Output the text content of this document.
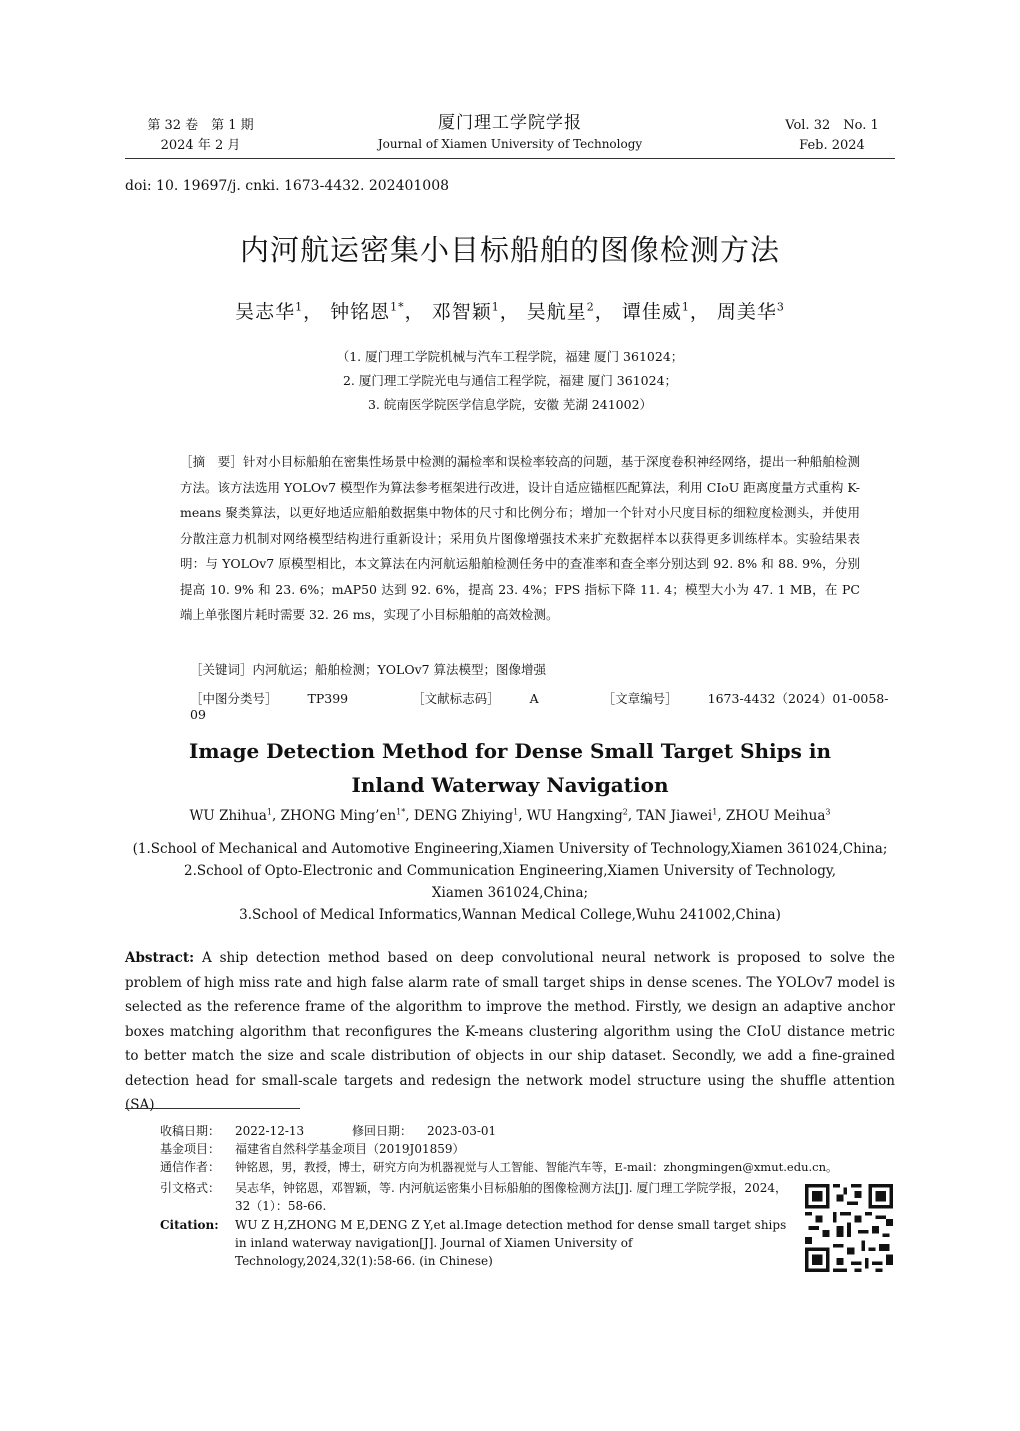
第 32 卷　第 1 期
2024 年 2 月
厦门理工学院学报
Journal of Xiamen University of Technology
Vol. 32　No. 1
Feb. 2024
doi: 10. 19697/j. cnki. 1673-4432. 202401008
内河航运密集小目标船舶的图像检测方法
吴志华$^1$， 钟铭恩$^{1*}$， 邓智颖$^1$， 吴航星$^2$， 谭佳威$^1$， 周美华$^3$
（1. 厦门理工学院机械与汽车工程学院，福建 厦门 361024；
2. 厦门理工学院光电与通信工程学院，福建 厦门 361024；
3. 皖南医学院医学信息学院，安徽 芜湖 241002）
［摘　要］针对小目标船舶在密集性场景中检测的漏检率和误检率较高的问题，基于深度卷积神经网络，提出一种船舶检测方法。该方法选用 YOLOv7 模型作为算法参考框架进行改进，设计自适应锚框匹配算法，利用 CIoU 距离度量方式重构 K-means 聚类算法，以更好地适应船舶数据集中物体的尺寸和比例分布；增加一个针对小尺度目标的细粒度检测头，并使用分散注意力机制对网络模型结构进行重新设计；采用负片图像增强技术来扩充数据样本以获得更多训练样本。实验结果表明：与 YOLOv7 原模型相比，本文算法在内河航运船舶检测任务中的查准率和查全率分别达到 92. 8% 和 88. 9%，分别提高 10. 9% 和 23. 6%；mAP50 达到 92. 6%，提高 23. 4%；FPS 指标下降 11. 4；模型大小为 47. 1 MB，在 PC 端上单张图片耗时需要 32. 26 ms，实现了小目标船舶的高效检测。
［关键词］内河航运；船舶检测；YOLOv7 算法模型；图像增强
［中图分类号］ TP399	［文献标志码］ A	［文章编号］ 1673-4432（2024）01-0058-09
Image Detection Method for Dense Small Target Ships in
Inland Waterway Navigation
WU Zhihua$^1$, ZHONG $Ming’en^{1*}$, DENG Zhiying$^1$, WU Hangxing$^2$, TAN Jiawei$^1$, ZHOU Meihua$^3$
(1.School of Mechanical and Automotive Engineering,Xiamen University of Technology,Xiamen 361024,China;
2.School of Opto-Electronic and Communication Engineering,Xiamen University of Technology,
Xiamen 361024,China;
3.School of Medical Informatics,Wannan Medical College,Wuhu 241002,China)
Abstract: A ship detection method based on deep convolutional neural network is proposed to solve the problem of high miss rate and high false alarm rate of small target ships in dense scenes. The YOLOv7 model is selected as the reference frame of the algorithm to improve the method. Firstly, we design an adaptive anchor boxes matching algorithm that reconfigures the K-means clustering algorithm using the CIoU distance metric to better match the size and scale distribution of objects in our ship dataset. Secondly, we add a fine-grained detection head for small-scale targets and redesign the network model structure using the shuffle attention (SA)
收稿日期： 2022-12-13	修回日期： 2023-03-01
基金项目： 福建省自然科学基金项目（2019J01859）
通信作者： 钟铭恩，男，教授，博士，研究方向为机器视觉与人工智能、智能汽车等，E-mail：zhongmingen@xmut.edu.cn。
引文格式： 吴志华，钟铭恩，邓智颖，等. 内河航运密集小目标船舶的图像检测方法[J]. 厦门理工学院学报，2024，32（1）：58-66.
Citation: WU Z H,ZHONG M E,DENG Z Y,et al.Image detection method for dense small target ships in inland waterway navigation[J]. Journal of Xiamen University of Technology,2024,32(1):58-66. (in Chinese)
